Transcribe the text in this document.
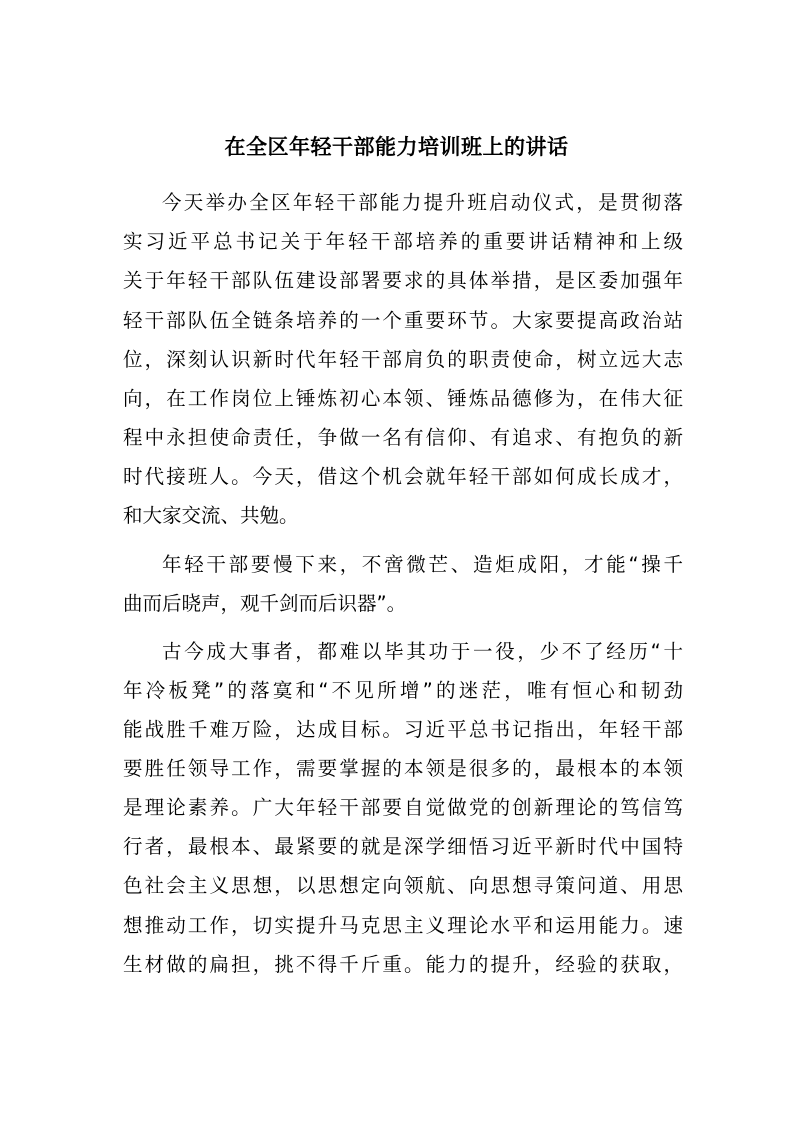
在全区年轻干部能力培训班上的讲话
今天举办全区年轻干部能力提升班启动仪式，是贯彻落
实习近平总书记关于年轻干部培养的重要讲话精神和上级
关于年轻干部队伍建设部署要求的具体举措，是区委加强年
轻干部队伍全链条培养的一个重要环节。大家要提高政治站
位，深刻认识新时代年轻干部肩负的职责使命，树立远大志
向，在工作岗位上锤炼初心本领、锤炼品德修为，在伟大征
程中永担使命责任，争做一名有信仰、有追求、有抱负的新
时代接班人。今天，借这个机会就年轻干部如何成长成才，
和大家交流、共勉。
年轻干部要慢下来，不啻微芒、造炬成阳，才能“操千
曲而后晓声，观千剑而后识器”。
古今成大事者，都难以毕其功于一役，少不了经历“十
年冷板凳”的落寞和“不见所增”的迷茫，唯有恒心和韧劲
能战胜千难万险，达成目标。习近平总书记指出，年轻干部
要胜任领导工作，需要掌握的本领是很多的，最根本的本领
是理论素养。广大年轻干部要自觉做党的创新理论的笃信笃
行者，最根本、最紧要的就是深学细悟习近平新时代中国特
色社会主义思想，以思想定向领航、向思想寻策问道、用思
想推动工作，切实提升马克思主义理论水平和运用能力。速
生材做的扁担，挑不得千斤重。能力的提升，经验的获取，
